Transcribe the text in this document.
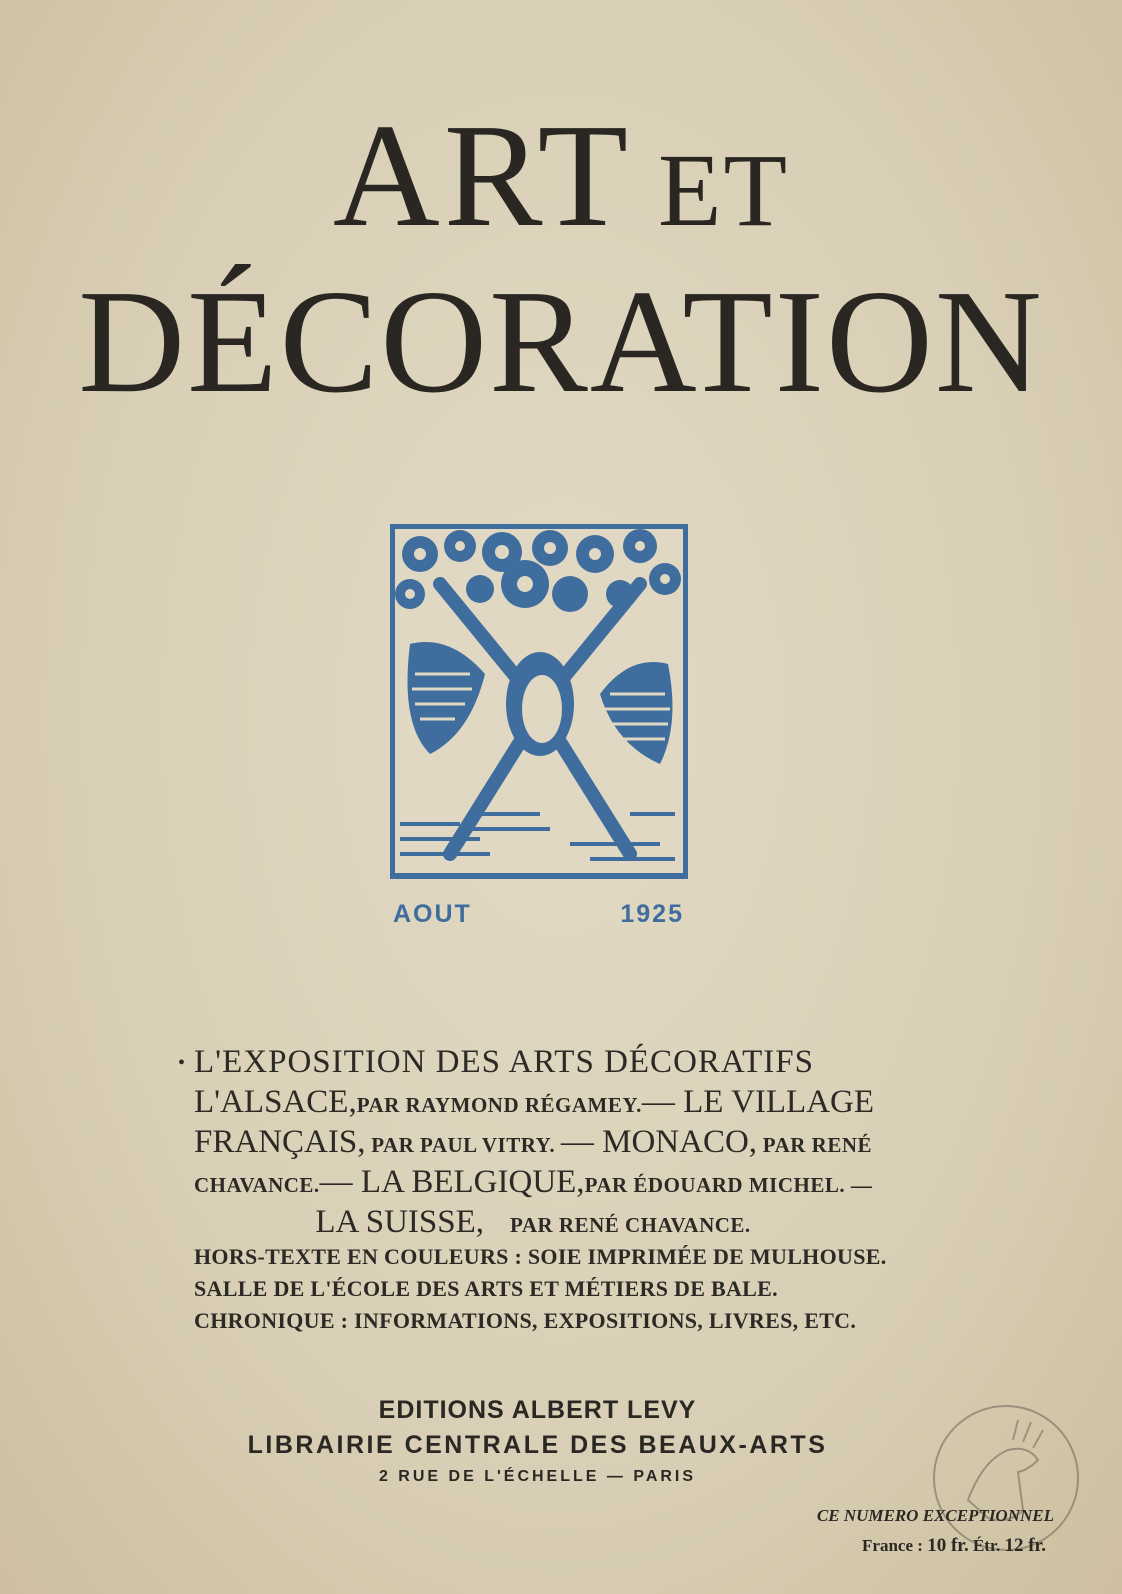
ART ET
DÉCORATION
AOUT	1925
• L'EXPOSITION DES ARTS DÉCORATIFS
L'ALSACE, PAR RAYMOND RÉGAMEY. — LE VILLAGE
FRANÇAIS, PAR PAUL VITRY. — MONACO, PAR RENÉ
CHAVANCE. — LA BELGIQUE, PAR ÉDOUARD MICHEL. —
LA SUISSE, PAR RENÉ CHAVANCE.
HORS-TEXTE EN COULEURS : SOIE IMPRIMÉE DE MULHOUSE.
SALLE DE L'ÉCOLE DES ARTS ET MÉTIERS DE BALE.
CHRONIQUE : INFORMATIONS, EXPOSITIONS, LIVRES, ETC.
EDITIONS ALBERT LEVY
LIBRAIRIE CENTRALE DES BEAUX-ARTS
2 RUE DE L'ÉCHELLE — PARIS
CE NUMERO EXCEPTIONNEL
France : 10 fr. Étr. 12 fr.
